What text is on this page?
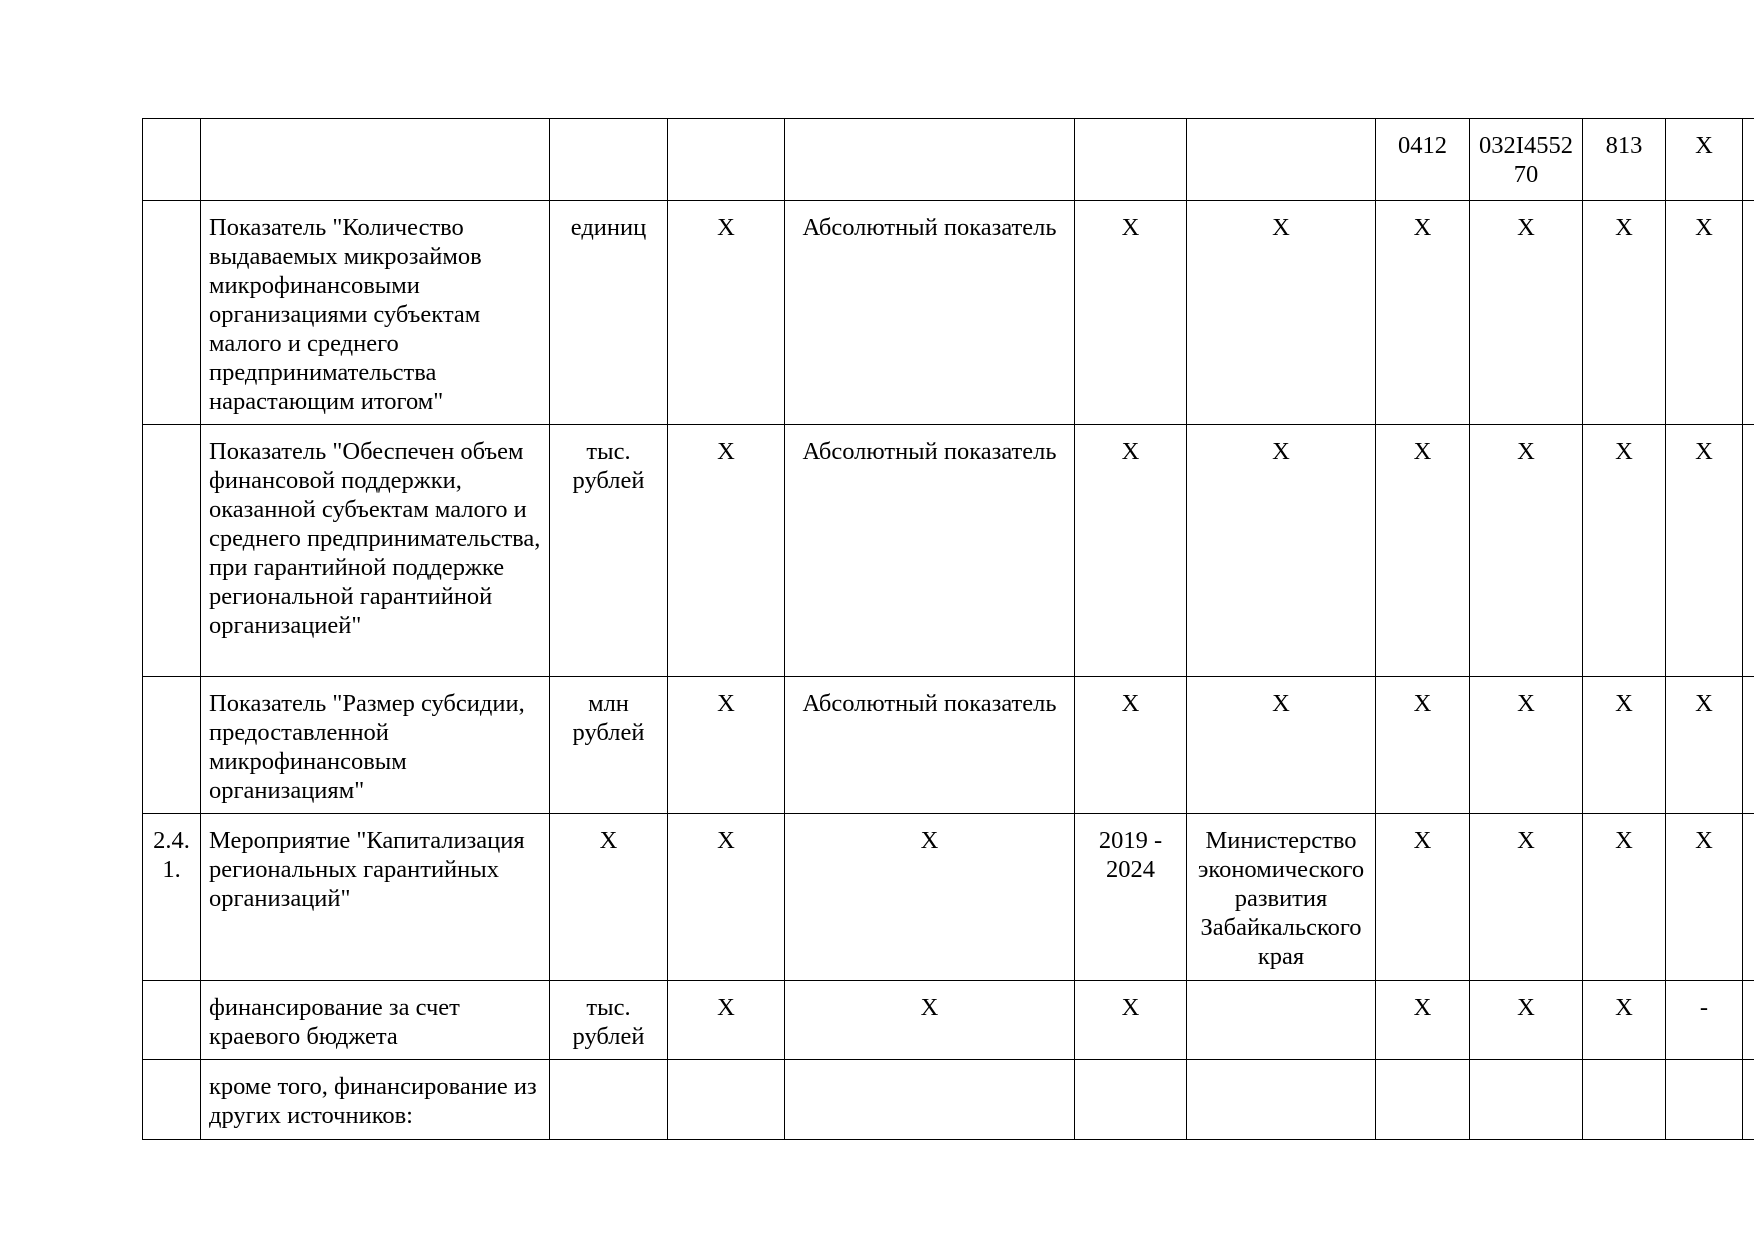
							0412	032I4552 70	813	X	
	Показатель "Количество выдаваемых микрозаймов микрофинансовыми организациями субъектам малого и среднего предпринимательства нарастающим итогом"	единиц	X	Абсолютный показатель	X	X	X	X	X	X	
	Показатель "Обеспечен объем финансовой поддержки, оказанной субъектам малого и среднего предпринимательства, при гарантийной поддержке региональной гарантийной организацией"	тыс. рублей	X	Абсолютный показатель	X	X	X	X	X	X	
	Показатель "Размер субсидии, предоставленной микрофинансовым организациям"	млн рублей	X	Абсолютный показатель	X	X	X	X	X	X	
2.4. 1.	Мероприятие "Капитализация региональных гарантийных организаций"	X	X	X	2019 - 2024	Министерство экономического развития Забайкальского края	X	X	X	X	
	финансирование за счет краевого бюджета	тыс. рублей	X	X	X		X	X	X	-	
	кроме того, финансирование из других источников:										
